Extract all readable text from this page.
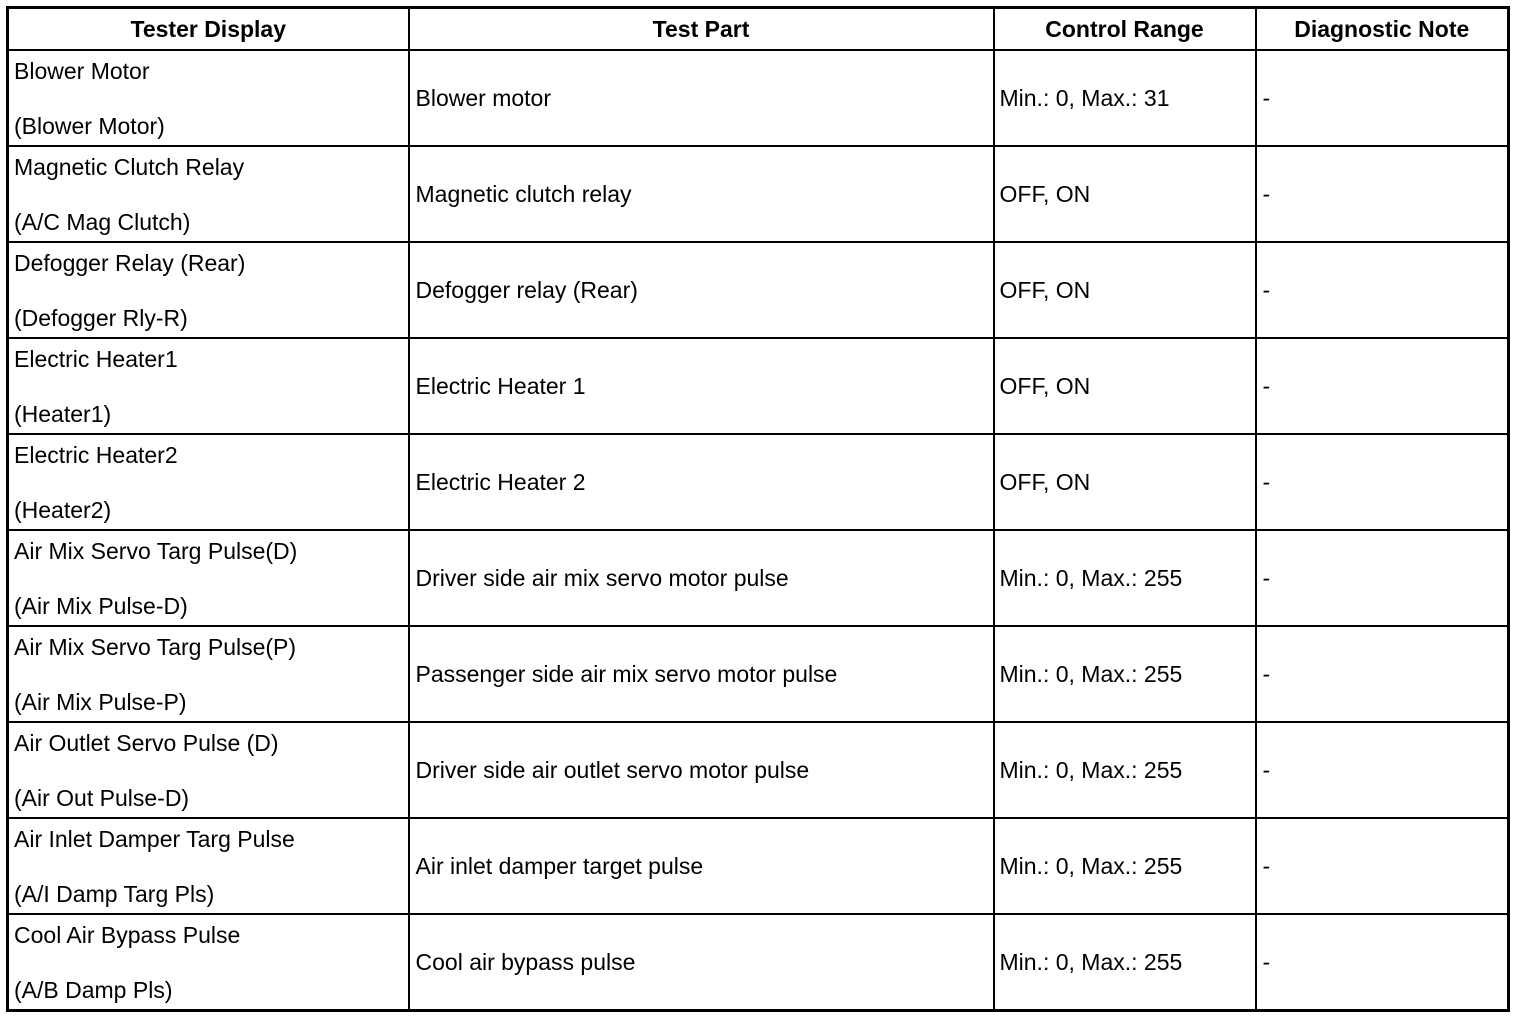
Tester Display	Test Part	Control Range	Diagnostic Note

Blower Motor
(Blower Motor)	Blower motor	Min.: 0, Max.: 31	-

Magnetic Clutch Relay
(A/C Mag Clutch)	Magnetic clutch relay	OFF, ON	-

Defogger Relay (Rear)
(Defogger Rly-R)	Defogger relay (Rear)	OFF, ON	-

Electric Heater1
(Heater1)	Electric Heater 1	OFF, ON	-

Electric Heater2
(Heater2)	Electric Heater 2	OFF, ON	-

Air Mix Servo Targ Pulse(D)
(Air Mix Pulse-D)	Driver side air mix servo motor pulse	Min.: 0, Max.: 255	-

Air Mix Servo Targ Pulse(P)
(Air Mix Pulse-P)	Passenger side air mix servo motor pulse	Min.: 0, Max.: 255	-

Air Outlet Servo Pulse (D)
(Air Out Pulse-D)	Driver side air outlet servo motor pulse	Min.: 0, Max.: 255	-

Air Inlet Damper Targ Pulse
(A/I Damp Targ Pls)	Air inlet damper target pulse	Min.: 0, Max.: 255	-

Cool Air Bypass Pulse
(A/B Damp Pls)	Cool air bypass pulse	Min.: 0, Max.: 255	-
